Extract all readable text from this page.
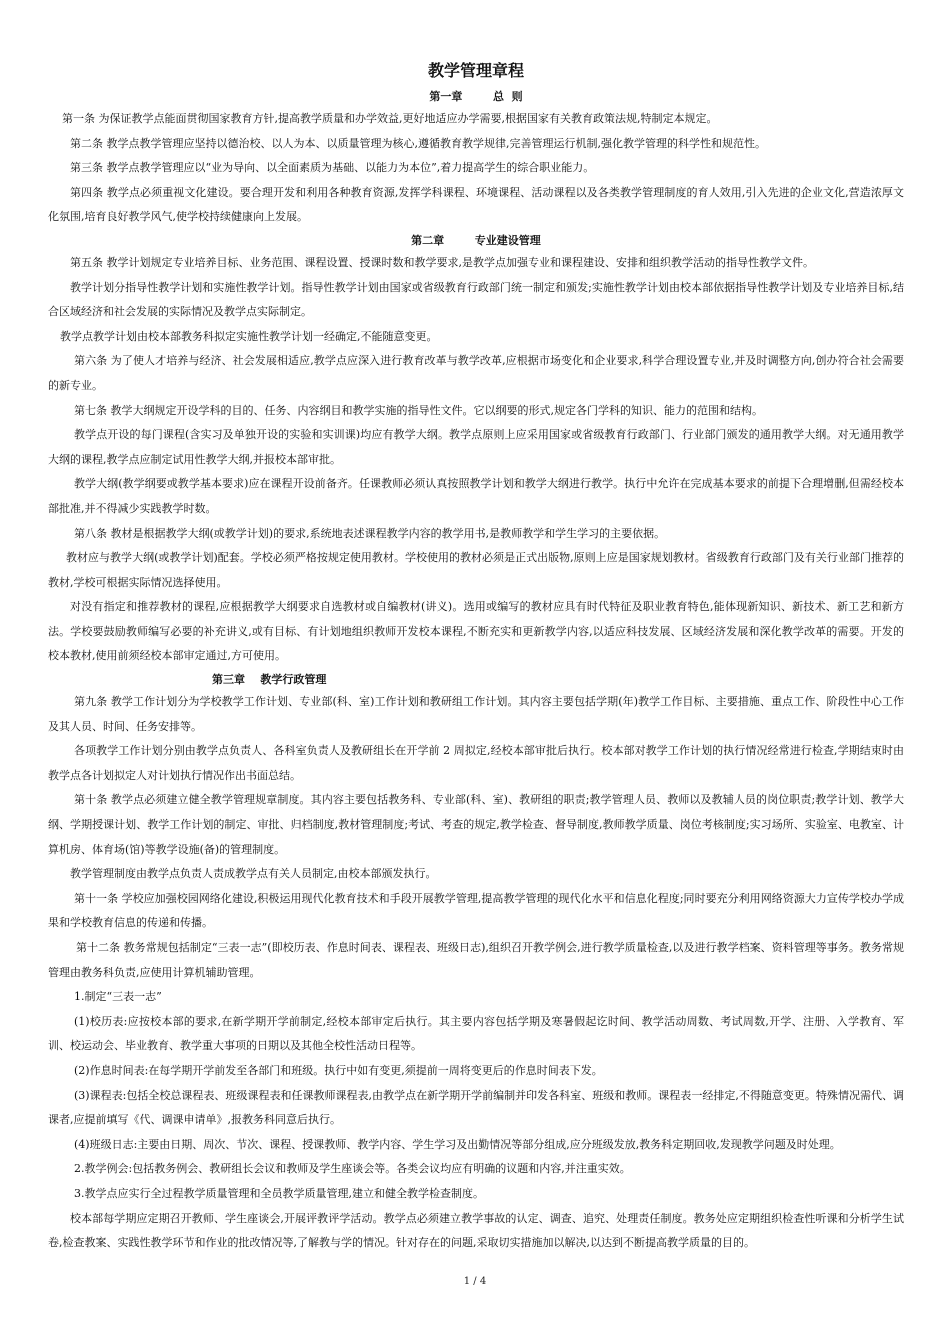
教学管理章程
第一章        总  则

第一条 为保证教学点能面贯彻国家教育方针,提高教学质量和办学效益,更好地适应办学需要,根据国家有关教育政策法规,特制定本规定。

第二条 教学点教学管理应坚持以德治校、以人为本、以质量管理为核心,遵循教育教学规律,完善管理运行机制,强化教学管理的科学性和规范性。

第三条 教学点教学管理应以“业为导向、以全面素质为基础、以能力为本位”,着力提高学生的综合职业能力。

第四条 教学点必须重视文化建设。要合理开发和利用各种教育资源,发挥学科课程、环境课程、活动课程以及各类教学管理制度的育人效用,引入先进的企业文化,营造浓厚文化氛围,培育良好教学风气,使学校持续健康向上发展。

第二章        专业建设管理

第五条 教学计划规定专业培养目标、业务范围、课程设置、授课时数和教学要求,是教学点加强专业和课程建设、安排和组织教学活动的指导性教学文件。

教学计划分指导性教学计划和实施性教学计划。指导性教学计划由国家或省级教育行政部门统一制定和颁发;实施性教学计划由校本部依据指导性教学计划及专业培养目标,结合区域经济和社会发展的实际情况及教学点实际制定。

教学点教学计划由校本部教务科拟定实施性教学计划一经确定,不能随意变更。

第六条 为了使人才培养与经济、社会发展相适应,教学点应深入进行教育改革与教学改革,应根据市场变化和企业要求,科学合理设置专业,并及时调整方向,创办符合社会需要的新专业。

第七条 教学大纲规定开设学科的目的、任务、内容纲目和教学实施的指导性文件。它以纲要的形式,规定各门学科的知识、能力的范围和结构。

教学点开设的每门课程(含实习及单独开设的实验和实训课)均应有教学大纲。教学点原则上应采用国家或省级教育行政部门、行业部门颁发的通用教学大纲。对无通用教学大纲的课程,教学点应制定试用性教学大纲,并报校本部审批。

教学大纲(教学纲要或教学基本要求)应在课程开设前备齐。任课教师必须认真按照教学计划和教学大纲进行教学。执行中允许在完成基本要求的前提下合理增删,但需经校本部批准,并不得减少实践教学时数。

第八条 教材是根据教学大纲(或教学计划)的要求,系统地表述课程教学内容的教学用书,是教师教学和学生学习的主要依据。

教材应与教学大纲(或教学计划)配套。学校必须严格按规定使用教材。学校使用的教材必须是正式出版物,原则上应是国家规划教材。省级教育行政部门及有关行业部门推荐的教材,学校可根据实际情况选择使用。

对没有指定和推荐教材的课程,应根据教学大纲要求自选教材或自编教材(讲义)。选用或编写的教材应具有时代特征及职业教育特色,能体现新知识、新技术、新工艺和新方法。学校要鼓励教师编写必要的补充讲义,或有目标、有计划地组织教师开发校本课程,不断充实和更新教学内容,以适应科技发展、区域经济发展和深化教学改革的需要。开发的校本教材,使用前须经校本部审定通过,方可使用。

第三章    教学行政管理

第九条 教学工作计划分为学校教学工作计划、专业部(科、室)工作计划和教研组工作计划。其内容主要包括学期(年)教学工作目标、主要措施、重点工作、阶段性中心工作及其人员、时间、任务安排等。

各项教学工作计划分别由教学点负责人、各科室负责人及教研组长在开学前 2 周拟定,经校本部审批后执行。校本部对教学工作计划的执行情况经常进行检查,学期结束时由教学点各计划拟定人对计划执行情况作出书面总结。

第十条 教学点必须建立健全教学管理规章制度。其内容主要包括教务科、专业部(科、室)、教研组的职责;教学管理人员、教师以及教辅人员的岗位职责;教学计划、教学大纲、学期授课计划、教学工作计划的制定、审批、归档制度,教材管理制度;考试、考查的规定,教学检查、督导制度,教师教学质量、岗位考核制度;实习场所、实验室、电教室、计算机房、体育场(馆)等教学设施(备)的管理制度。

教学管理制度由教学点负责人责成教学点有关人员制定,由校本部颁发执行。

第十一条 学校应加强校园网络化建设,积极运用现代化教育技术和手段开展教学管理,提高教学管理的现代化水平和信息化程度;同时要充分利用网络资源大力宣传学校办学成果和学校教育信息的传递和传播。

第十二条 教务常规包括制定“三表一志”(即校历表、作息时间表、课程表、班级日志),组织召开教学例会,进行教学质量检查,以及进行教学档案、资料管理等事务。教务常规管理由教务科负责,应使用计算机辅助管理。

1.制定“三表一志”

(1)校历表:应按校本部的要求,在新学期开学前制定,经校本部审定后执行。其主要内容包括学期及寒暑假起讫时间、教学活动周数、考试周数,开学、注册、入学教育、军训、校运动会、毕业教育、教学重大事项的日期以及其他全校性活动日程等。

(2)作息时间表:在每学期开学前发至各部门和班级。执行中如有变更,须提前一周将变更后的作息时间表下发。

(3)课程表:包括全校总课程表、班级课程表和任课教师课程表,由教学点在新学期开学前编制并印发各科室、班级和教师。课程表一经排定,不得随意变更。特殊情况需代、调课者,应提前填写《代、调课申请单》,报教务科同意后执行。

(4)班级日志:主要由日期、周次、节次、课程、授课教师、教学内容、学生学习及出勤情况等部分组成,应分班级发放,教务科定期回收,发现教学问题及时处理。

2.教学例会:包括教务例会、教研组长会议和教师及学生座谈会等。各类会议均应有明确的议题和内容,并注重实效。

3.教学点应实行全过程教学质量管理和全员教学质量管理,建立和健全教学检查制度。

校本部每学期应定期召开教师、学生座谈会,开展评教评学活动。教学点必须建立教学事故的认定、调查、追究、处理责任制度。教务处应定期组织检查性听课和分析学生试卷,检查教案、实践性教学环节和作业的批改情况等,了解教与学的情况。针对存在的问题,采取切实措施加以解决,以达到不断提高教学质量的目的。

1 / 4
